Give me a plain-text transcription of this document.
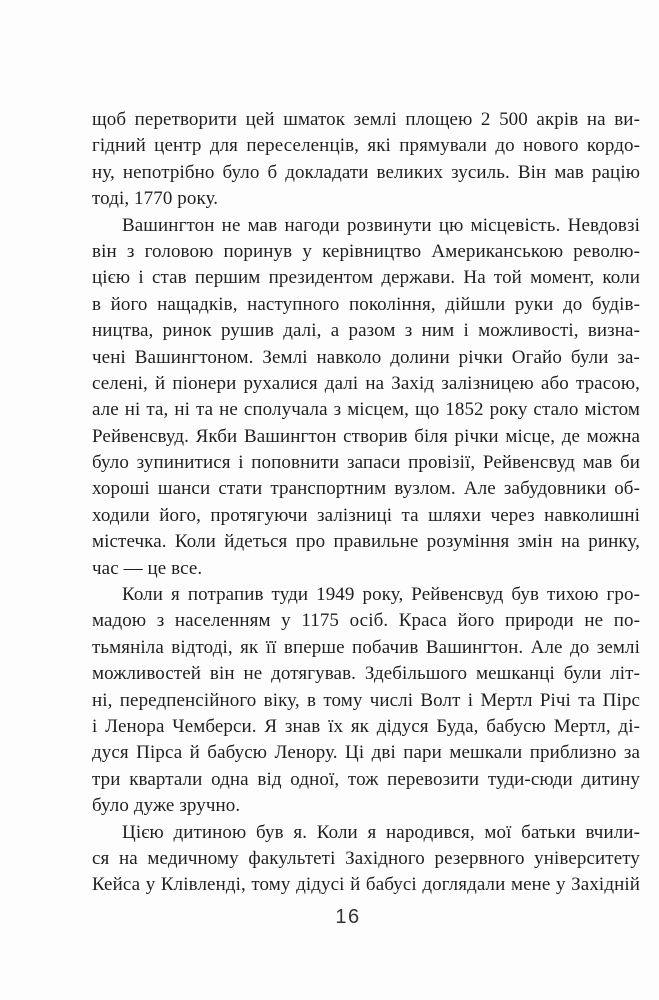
щоб перетворити цей шматок землі площею 2 500 акрів на ви-
гідний центр для переселенців, які прямували до нового кордо-
ну, непотрібно було б докладати великих зусиль. Він мав рацію
тоді, 1770 року.
Вашингтон не мав нагоди розвинути цю місцевість. Невдовзі
він з головою поринув у керівництво Американською револю-
цією і став першим президентом держави. На той момент, коли
в його нащадків, наступного покоління, дійшли руки до будів-
ництва, ринок рушив далі, а разом з ним і можливості, визна-
чені Вашингтоном. Землі навколо долини річки Огайо були за-
селені, й піонери рухалися далі на Захід залізницею або трасою,
але ні та, ні та не сполучала з місцем, що 1852 року стало містом
Рейвенсвуд. Якби Вашингтон створив біля річки місце, де можна
було зупинитися і поповнити запаси провізії, Рейвенсвуд мав би
хороші шанси стати транспортним вузлом. Але забудовники об-
ходили його, протягуючи залізниці та шляхи через навколишні
містечка. Коли йдеться про правильне розуміння змін на ринку,
час — це все.
Коли я потрапив туди 1949 року, Рейвенсвуд був тихою гро-
мадою з населенням у 1175 осіб. Краса його природи не по-
тьмяніла відтоді, як її вперше побачив Вашингтон. Але до землі
можливостей він не дотягував. Здебільшого мешканці були літ-
ні, передпенсійного віку, в тому числі Волт і Мертл Річі та Пірс
і Ленора Чемберси. Я знав їх як дідуся Буда, бабусю Мертл, ді-
дуся Пірса й бабусю Ленору. Ці дві пари мешкали приблизно за
три квартали одна від одної, тож перевозити туди-сюди дитину
було дуже зручно.
Цією дитиною був я. Коли я народився, мої батьки вчили-
ся на медичному факультеті Західного резервного університету
Кейса у Клівленді, тому дідусі й бабусі доглядали мене у Західній
16
